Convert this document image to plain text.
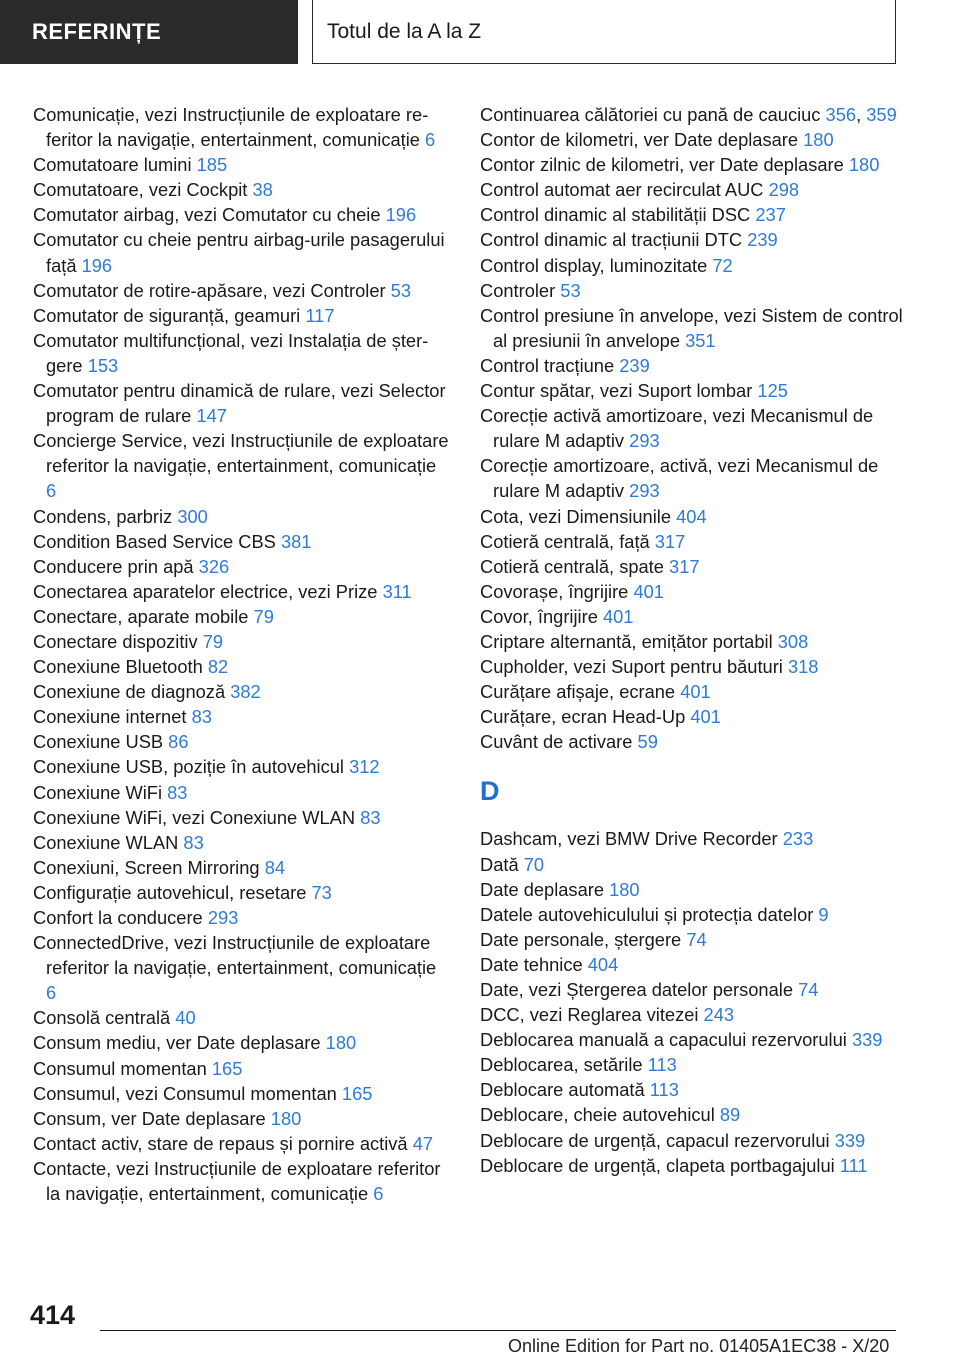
REFERINȚE	Totul de la A la Z
Comunicație, vezi Instrucțiunile de exploatare referitor la navigație, entertainment, comunicație 6
Comutatoare lumini 185
Comutatoare, vezi Cockpit 38
Comutator airbag, vezi Comutator cu cheie 196
Comutator cu cheie pentru airbag-urile pasagerului față 196
Comutator de rotire-apăsare, vezi Controler 53
Comutator de siguranță, geamuri 117
Comutator multifuncțional, vezi Instalația de ștergere 153
Comutator pentru dinamică de rulare, vezi Selector program de rulare 147
Concierge Service, vezi Instrucțiunile de exploatare referitor la navigație, entertainment, comunicație 6
Condens, parbriz 300
Condition Based Service CBS 381
Conducere prin apă 326
Conectarea aparatelor electrice, vezi Prize 311
Conectare, aparate mobile 79
Conectare dispozitiv 79
Conexiune Bluetooth 82
Conexiune de diagnoză 382
Conexiune internet 83
Conexiune USB 86
Conexiune USB, poziție în autovehicul 312
Conexiune WiFi 83
Conexiune WiFi, vezi Conexiune WLAN 83
Conexiune WLAN 83
Conexiuni, Screen Mirroring 84
Configurație autovehicul, resetare 73
Confort la conducere 293
ConnectedDrive, vezi Instrucțiunile de exploatare referitor la navigație, entertainment, comunicație 6
Consolă centrală 40
Consum mediu, ver Date deplasare 180
Consumul momentan 165
Consumul, vezi Consumul momentan 165
Consum, ver Date deplasare 180
Contact activ, stare de repaus și pornire activă 47
Contacte, vezi Instrucțiunile de exploatare referitor la navigație, entertainment, comunicație 6
Continuarea călătoriei cu pană de cauciuc 356, 359
Contor de kilometri, ver Date deplasare 180
Contor zilnic de kilometri, ver Date deplasare 180
Control automat aer recirculat AUC 298
Control dinamic al stabilității DSC 237
Control dinamic al tracțiunii DTC 239
Control display, luminozitate 72
Controler 53
Control presiune în anvelope, vezi Sistem de control al presiunii în anvelope 351
Control tracțiune 239
Contur spătar, vezi Suport lombar 125
Corecție activă amortizoare, vezi Mecanismul de rulare M adaptiv 293
Corecție amortizoare, activă, vezi Mecanismul de rulare M adaptiv 293
Cota, vezi Dimensiunile 404
Cotieră centrală, față 317
Cotieră centrală, spate 317
Covorașe, îngrijire 401
Covor, îngrijire 401
Criptare alternantă, emițător portabil 308
Cupholder, vezi Suport pentru băuturi 318
Curățare afișaje, ecrane 401
Curățare, ecran Head-Up 401
Cuvânt de activare 59
D
Dashcam, vezi BMW Drive Recorder 233
Dată 70
Date deplasare 180
Datele autovehiculului și protecția datelor 9
Date personale, ștergere 74
Date tehnice 404
Date, vezi Ștergerea datelor personale 74
DCC, vezi Reglarea vitezei 243
Deblocarea manuală a capacului rezervorului 339
Deblocarea, setările 113
Deblocare automată 113
Deblocare, cheie autovehicul 89
Deblocare de urgență, capacul rezervorului 339
Deblocare de urgență, clapeta portbagajului 111
414
Online Edition for Part no. 01405A1EC38 - X/20
